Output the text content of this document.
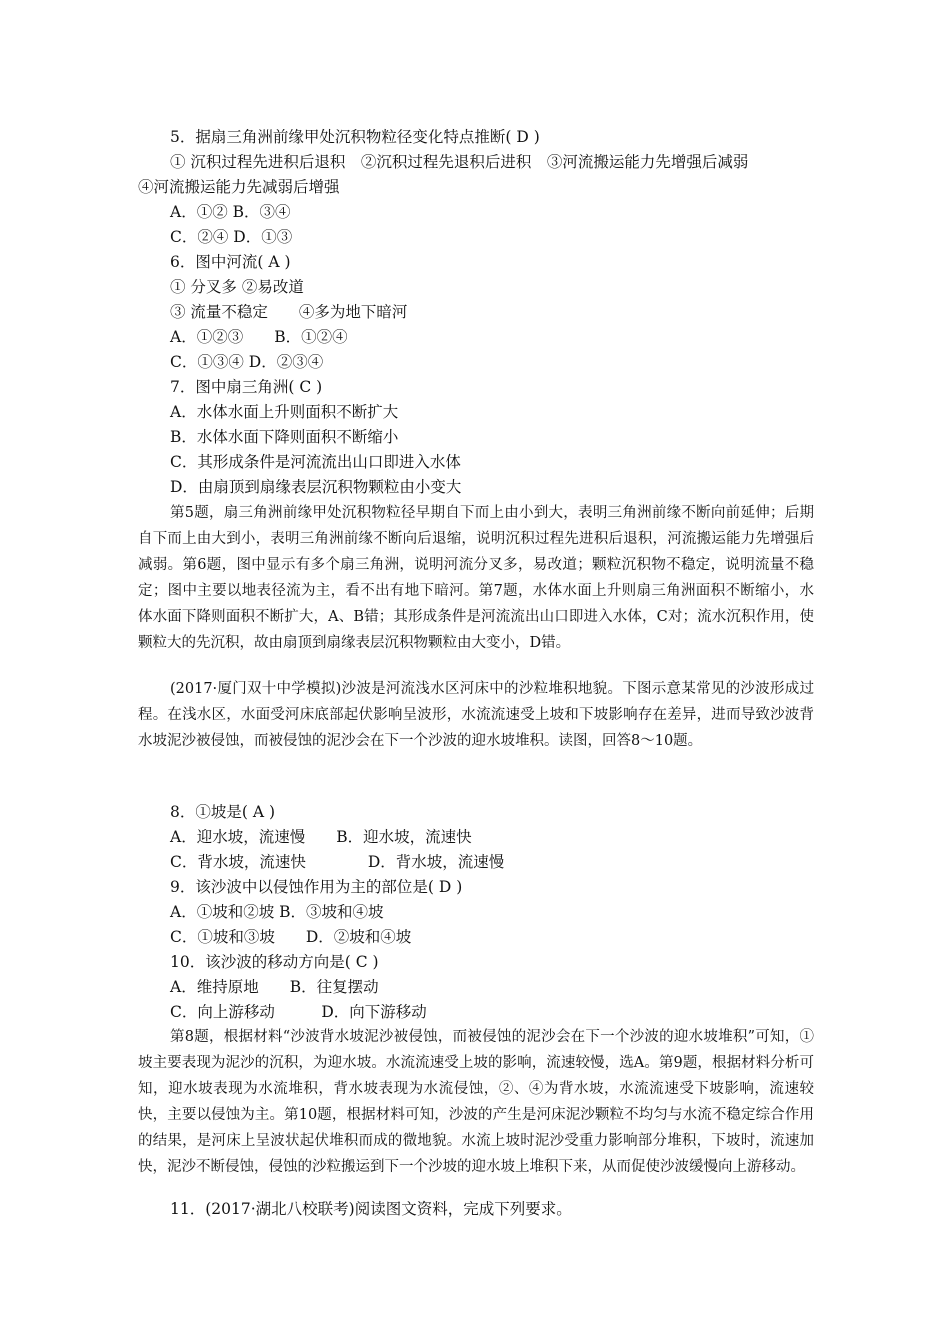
5．据扇三角洲前缘甲处沉积物粒径变化特点推断( D )
① 沉积过程先进积后退积　②沉积过程先退积后进积　③河流搬运能力先增强后减弱
④河流搬运能力先减弱后增强
A．①② B．③④
C．②④ D．①③
6．图中河流( A )
① 分叉多 ②易改道
③ 流量不稳定　　④多为地下暗河
A．①②③　　B．①②④
C．①③④ D．②③④
7．图中扇三角洲( C )
A．水体水面上升则面积不断扩大
B．水体水面下降则面积不断缩小
C．其形成条件是河流流出山口即进入水体
D．由扇顶到扇缘表层沉积物颗粒由小变大
第5题，扇三角洲前缘甲处沉积物粒径早期自下而上由小到大，表明三角洲前缘不断向前延伸；后期自下而上由大到小，表明三角洲前缘不断向后退缩，说明沉积过程先进积后退积，河流搬运能力先增强后减弱。第6题，图中显示有多个扇三角洲，说明河流分叉多，易改道；颗粒沉积物不稳定，说明流量不稳定；图中主要以地表径流为主，看不出有地下暗河。第7题，水体水面上升则扇三角洲面积不断缩小，水体水面下降则面积不断扩大，A、B错；其形成条件是河流流出山口即进入水体，C对；流水沉积作用，使颗粒大的先沉积，故由扇顶到扇缘表层沉积物颗粒由大变小，D错。
(2017·厦门双十中学模拟)沙波是河流浅水区河床中的沙粒堆积地貌。下图示意某常见的沙波形成过程。在浅水区，水面受河床底部起伏影响呈波形，水流流速受上坡和下坡影响存在差异，进而导致沙波背水坡泥沙被侵蚀，而被侵蚀的泥沙会在下一个沙波的迎水坡堆积。读图，回答8～10题。
8．①坡是( A )
A．迎水坡，流速慢　　B．迎水坡，流速快
C．背水坡，流速快　　　　D．背水坡，流速慢
9．该沙波中以侵蚀作用为主的部位是( D )
A．①坡和②坡 B．③坡和④坡
C．①坡和③坡　　D．②坡和④坡
10．该沙波的移动方向是( C )
A．维持原地　　B．往复摆动
C．向上游移动　　　D．向下游移动
第8题，根据材料“沙波背水坡泥沙被侵蚀，而被侵蚀的泥沙会在下一个沙波的迎水坡堆积”可知，①坡主要表现为泥沙的沉积，为迎水坡。水流流速受上坡的影响，流速较慢，选A。第9题，根据材料分析可知，迎水坡表现为水流堆积，背水坡表现为水流侵蚀，②、④为背水坡，水流流速受下坡影响，流速较快，主要以侵蚀为主。第10题，根据材料可知，沙波的产生是河床泥沙颗粒不均匀与水流不稳定综合作用的结果，是河床上呈波状起伏堆积而成的微地貌。水流上坡时泥沙受重力影响部分堆积，下坡时，流速加快，泥沙不断侵蚀，侵蚀的沙粒搬运到下一个沙坡的迎水坡上堆积下来，从而促使沙波缓慢向上游移动。
11．(2017·湖北八校联考)阅读图文资料，完成下列要求。
